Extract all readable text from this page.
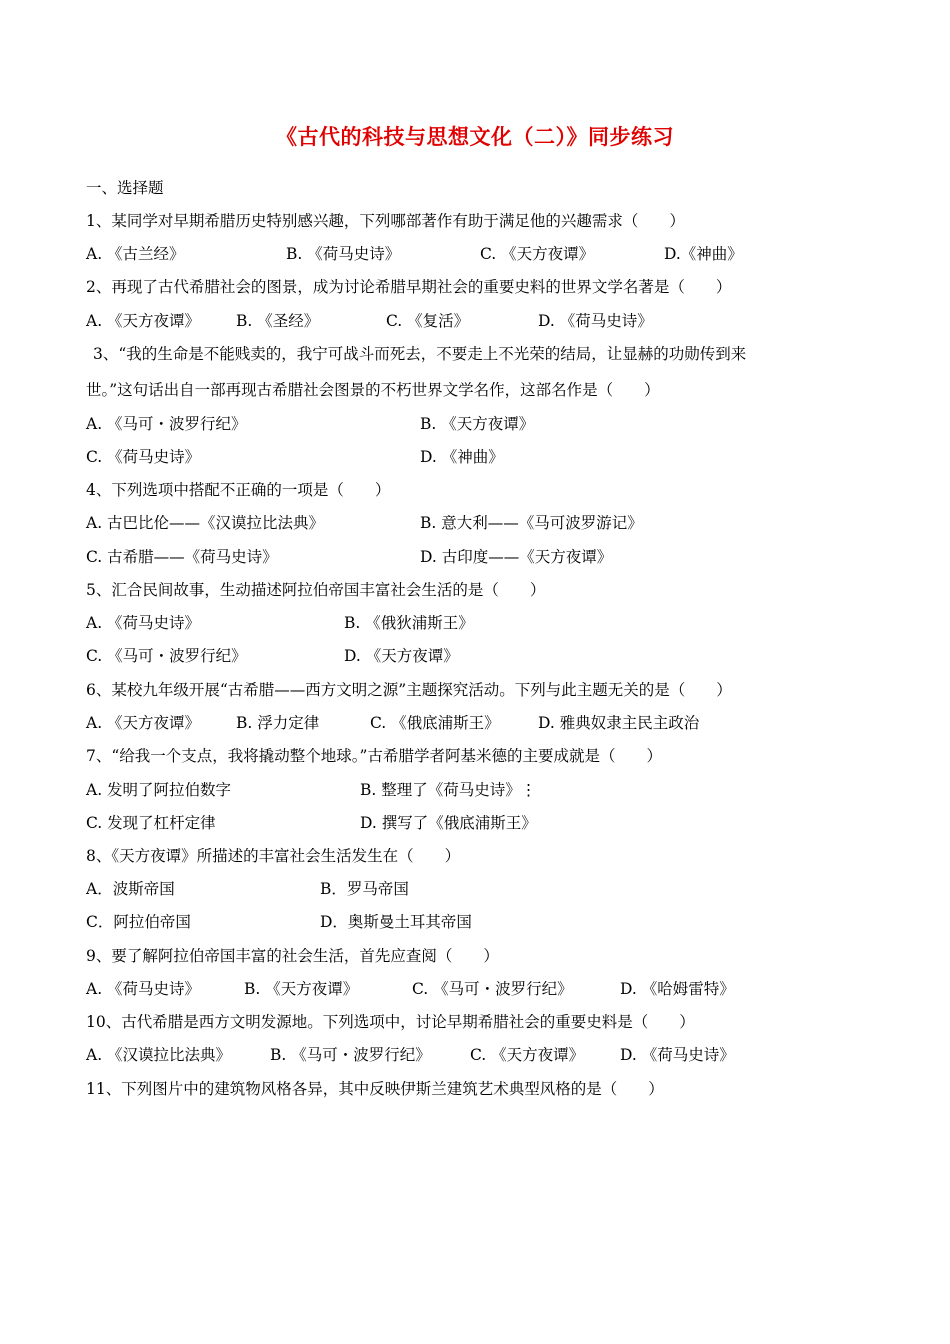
《古代的科技与思想文化（二）》同步练习
一、选择题
1、某同学对早期希腊历史特别感兴趣，下列哪部著作有助于满足他的兴趣需求（　　）
A. 《古兰经》	B. 《荷马史诗》	C. 《天方夜谭》	D.《神曲》
2、再现了古代希腊社会的图景，成为讨论希腊早期社会的重要史料的世界文学名著是（　　）
A. 《天方夜谭》 B. 《圣经》	C. 《复活》	D. 《荷马史诗》
3、“我的生命是不能贱卖的，我宁可战斗而死去，不要走上不光荣的结局，让显赫的功勋传到来
世。”这句话出自一部再现古希腊社会图景的不朽世界文学名作，这部名作是（　　）
A. 《马可・波罗行纪》	B. 《天方夜谭》
C. 《荷马史诗》	D. 《神曲》
4、下列选项中搭配不正确的一项是（　　）
A. 古巴比伦——《汉谟拉比法典》	B. 意大利——《马可波罗游记》
C. 古希腊——《荷马史诗》	D. 古印度——《天方夜谭》
5、汇合民间故事，生动描述阿拉伯帝国丰富社会生活的是（　　）
A. 《荷马史诗》	B. 《俄狄浦斯王》
C. 《马可・波罗行纪》	D. 《天方夜谭》
6、某校九年级开展“古希腊——西方文明之源”主题探究活动。下列与此主题无关的是（　　）
A. 《天方夜谭》 B. 浮力定律	C. 《俄底浦斯王》 D. 雅典奴隶主民主政治
7、“给我一个支点，我将撬动整个地球。”古希腊学者阿基米德的主要成就是（　　）
A. 发明了阿拉伯数字	B. 整理了《荷马史诗》⋮
C. 发现了杠杆定律	D. 撰写了《俄底浦斯王》
8、《天方夜谭》所描述的丰富社会生活发生在（　　）
A．波斯帝国	B．罗马帝国
C．阿拉伯帝国	D．奥斯曼土耳其帝国
9、要了解阿拉伯帝国丰富的社会生活，首先应查阅（　　）
A. 《荷马史诗》	B. 《天方夜谭》	C. 《马可・波罗行纪》	D. 《哈姆雷特》
10、古代希腊是西方文明发源地。下列选项中，讨论早期希腊社会的重要史料是（　　）
A. 《汉谟拉比法典》	B. 《马可・波罗行纪》	C. 《天方夜谭》 D. 《荷马史诗》
11、下列图片中的建筑物风格各异，其中反映伊斯兰建筑艺术典型风格的是（　　）
